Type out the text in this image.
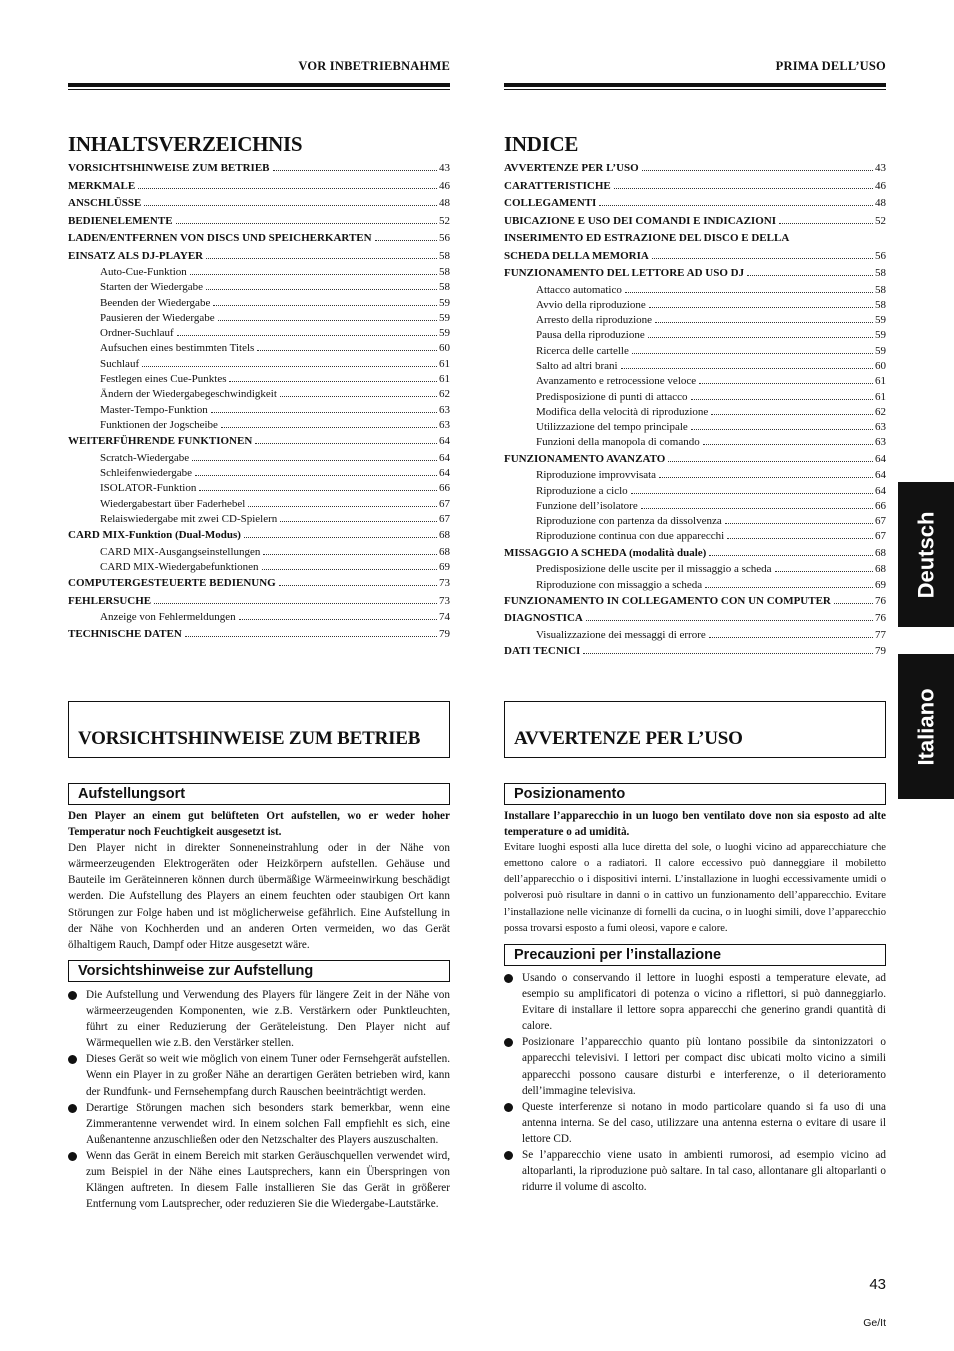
VOR INBETRIEBNAHME
INHALTSVERZEICHNIS
VORSICHTSHINWEISE ZUM BETRIEB	43
MERKMALE	46
ANSCHLÜSSE	48
BEDIENELEMENTE	52
LADEN/ENTFERNEN VON DISCS UND SPEICHERKARTEN	56
EINSATZ ALS DJ-PLAYER	58
Auto-Cue-Funktion	58
Starten der Wiedergabe	58
Beenden der Wiedergabe	59
Pausieren der Wiedergabe	59
Ordner-Suchlauf	59
Aufsuchen eines bestimmten Titels	60
Suchlauf	61
Festlegen eines Cue-Punktes	61
Ändern der Wiedergabegeschwindigkeit	62
Master-Tempo-Funktion	63
Funktionen der Jogscheibe	63
WEITERFÜHRENDE FUNKTIONEN	64
Scratch-Wiedergabe	64
Schleifenwiedergabe	64
ISOLATOR-Funktion	66
Wiedergabestart über Faderhebel	67
Relaiswiedergabe mit zwei CD-Spielern	67
CARD MIX-Funktion (Dual-Modus)	68
CARD MIX-Ausgangseinstellungen	68
CARD MIX-Wiedergabefunktionen	69
COMPUTERGESTEUERTE BEDIENUNG	73
FEHLERSUCHE	73
Anzeige von Fehlermeldungen	74
TECHNISCHE DATEN	79
VORSICHTSHINWEISE ZUM BETRIEB
Aufstellungsort

Den Player an einem gut belüfteten Ort aufstellen, wo er weder hoher Temperatur noch Feuchtigkeit ausgesetzt ist.

Den Player nicht in direkter Sonneneinstrahlung oder in der Nähe von wärmeerzeugenden Elektrogeräten oder Heizkörpern aufstellen. Gehäuse und Bauteile im Geräteinneren können durch übermäßige Wärmeeinwirkung beschädigt werden. Die Aufstellung des Players an einem feuchten oder staubigen Ort kann Störungen zur Folge haben und ist möglicherweise gefährlich. Eine Aufstellung in der Nähe von Kochherden und an anderen Orten vermeiden, wo das Gerät ölhaltigem Rauch, Dampf oder Hitze ausgesetzt wäre.

Vorsichtshinweise zur Aufstellung
Die Aufstellung und Verwendung des Players für längere Zeit in der Nähe von wärmeerzeugenden Komponenten, wie z.B. Verstärkern oder Punktleuchten, führt zu einer Reduzierung der Geräteleistung. Den Player nicht auf Wärmequellen wie z.B. den Verstärker stellen.
Dieses Gerät so weit wie möglich von einem Tuner oder Fernsehgerät aufstellen. Wenn ein Player in zu großer Nähe an derartigen Geräten betrieben wird, kann der Rundfunk- und Fernsehempfang durch Rauschen beeinträchtigt werden.
Derartige Störungen machen sich besonders stark bemerkbar, wenn eine Zimmerantenne verwendet wird. In einem solchen Fall empfiehlt es sich, eine Außenantenne anzuschließen oder den Netzschalter des Players auszuschalten.
Wenn das Gerät in einem Bereich mit starken Geräuschquellen verwendet wird, zum Beispiel in der Nähe eines Lautsprechers, kann ein Überspringen von Klängen auftreten. In diesem Falle installieren Sie das Gerät in größerer Entfernung vom Lautsprecher, oder reduzieren Sie die Wiedergabe-Lautstärke.
PRIMA DELL’USO
INDICE
AVVERTENZE PER L’USO	43
CARATTERISTICHE	46
COLLEGAMENTI	48
UBICAZIONE E USO DEI COMANDI E INDICAZIONI	52
INSERIMENTO ED ESTRAZIONE DEL DISCO E DELLA
SCHEDA DELLA MEMORIA	56
FUNZIONAMENTO DEL LETTORE AD USO DJ	58
Attacco automatico	58
Avvio della riproduzione	58
Arresto della riproduzione	59
Pausa della riproduzione	59
Ricerca delle cartelle	59
Salto ad altri brani	60
Avanzamento e retrocessione veloce	61
Predisposizione di punti di attacco	61
Modifica della velocità di riproduzione	62
Utilizzazione del tempo principale	63
Funzioni della manopola di comando	63
FUNZIONAMENTO AVANZATO	64
Riproduzione improvvisata	64
Riproduzione a ciclo	64
Funzione dell’isolatore	66
Riproduzione con partenza da dissolvenza	67
Riproduzione continua con due apparecchi	67
MISSAGGIO A SCHEDA (modalità duale)	68
Predisposizione delle uscite per il missaggio a scheda	68
Riproduzione con missaggio a scheda	69
FUNZIONAMENTO IN COLLEGAMENTO CON UN COMPUTER	76
DIAGNOSTICA	76
Visualizzazione dei messaggi di errore	77
DATI TECNICI	79
AVVERTENZE PER L’USO
Posizionamento

Installare l’apparecchio in un luogo ben ventilato dove non sia esposto ad alte temperature o ad umidità.

Evitare luoghi esposti alla luce diretta del sole, o luoghi vicino ad apparecchiature che emettono calore o a radiatori. Il calore eccessivo può danneggiare il mobiletto dell’apparecchio o i dispositivi interni. L’installazione in luoghi eccessivamente umidi o polverosi può risultare in danni o in cattivo un funzionamento dell’apparecchio. Evitare l’installazione nelle vicinanze di fornelli da cucina, o in luoghi simili, dove l’apparecchio possa trovarsi esposto a fumi oleosi, vapore e calore.

Precauzioni per l’installazione
Usando o conservando il lettore in luoghi esposti a temperature elevate, ad esempio su amplificatori di potenza o vicino a riflettori, si può danneggiarlo. Evitare di installare il lettore sopra apparecchi che generino grandi quantità di calore.
Posizionare l’apparecchio quanto più lontano possibile da sintonizzatori o apparecchi televisivi. I lettori per compact disc ubicati molto vicino a simili apparecchi possono causare disturbi e interferenze, o il deterioramento dell’immagine televisiva.
Queste interferenze si notano in modo particolare quando si fa uso di una antenna interna. Se del caso, utilizzare una antenna esterna o evitare di usare il lettore CD.
Se l’apparecchio viene usato in ambienti rumorosi, ad esempio vicino ad altoparlanti, la riproduzione può saltare. In tal caso, allontanare gli altoparlanti o ridurre il volume di ascolto.
Deutsch
Italiano
43
Ge/It
